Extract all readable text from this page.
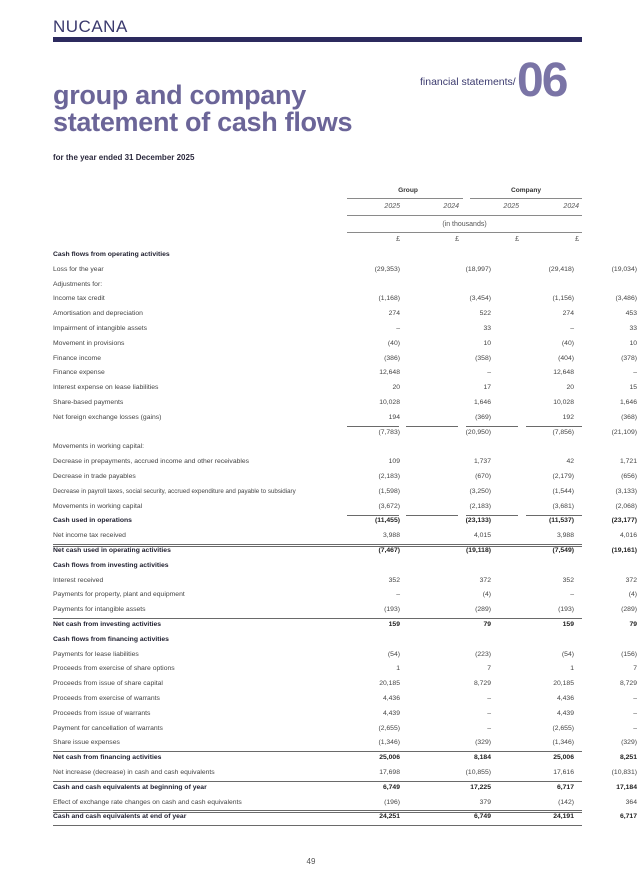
NUCANA
financial statements/ 06
group and company
statement of cash flows
for the year ended 31 December 2025
Group	Company
2025	2024	2025	2024
(in thousands)
£	£	£	£
Cash flows from operating activities
Loss for the year	(29,353)	(18,997)	(29,418)	(19,034)
Adjustments for:
Income tax credit	(1,168)	(3,454)	(1,156)	(3,486)
Amortisation and depreciation	274	522	274	453
Impairment of intangible assets	–	33	–	33
Movement in provisions	(40)	10	(40)	10
Finance income	(386)	(358)	(404)	(378)
Finance expense	12,648	–	12,648	–
Interest expense on lease liabilities	20	17	20	15
Share-based payments	10,028	1,646	10,028	1,646
Net foreign exchange losses (gains)	194	(369)	192	(368)
(7,783)	(20,950)	(7,856)	(21,109)
Movements in working capital:
Decrease in prepayments, accrued income and other receivables	109	1,737	42	1,721
Decrease in trade payables	(2,183)	(670)	(2,179)	(656)
Decrease in payroll taxes, social security, accrued expenditure and payable to subsidiary	(1,598)	(3,250)	(1,544)	(3,133)
Movements in working capital	(3,672)	(2,183)	(3,681)	(2,068)
Cash used in operations	(11,455)	(23,133)	(11,537)	(23,177)
Net income tax received	3,988	4,015	3,988	4,016
Net cash used in operating activities	(7,467)	(19,118)	(7,549)	(19,161)
Cash flows from investing activities
Interest received	352	372	352	372
Payments for property, plant and equipment	–	(4)	–	(4)
Payments for intangible assets	(193)	(289)	(193)	(289)
Net cash from investing activities	159	79	159	79
Cash flows from financing activities
Payments for lease liabilities	(54)	(223)	(54)	(156)
Proceeds from exercise of share options	1	7	1	7
Proceeds from issue of share capital	20,185	8,729	20,185	8,729
Proceeds from exercise of warrants	4,436	–	4,436	–
Proceeds from issue of warrants	4,439	–	4,439	–
Payment for cancellation of warrants	(2,655)	–	(2,655)	–
Share issue expenses	(1,346)	(329)	(1,346)	(329)
Net cash from financing activities	25,006	8,184	25,006	8,251
Net increase (decrease) in cash and cash equivalents	17,698	(10,855)	17,616	(10,831)
Cash and cash equivalents at beginning of year	6,749	17,225	6,717	17,184
Effect of exchange rate changes on cash and cash equivalents	(196)	379	(142)	364
Cash and cash equivalents at end of year	24,251	6,749	24,191	6,717
49
